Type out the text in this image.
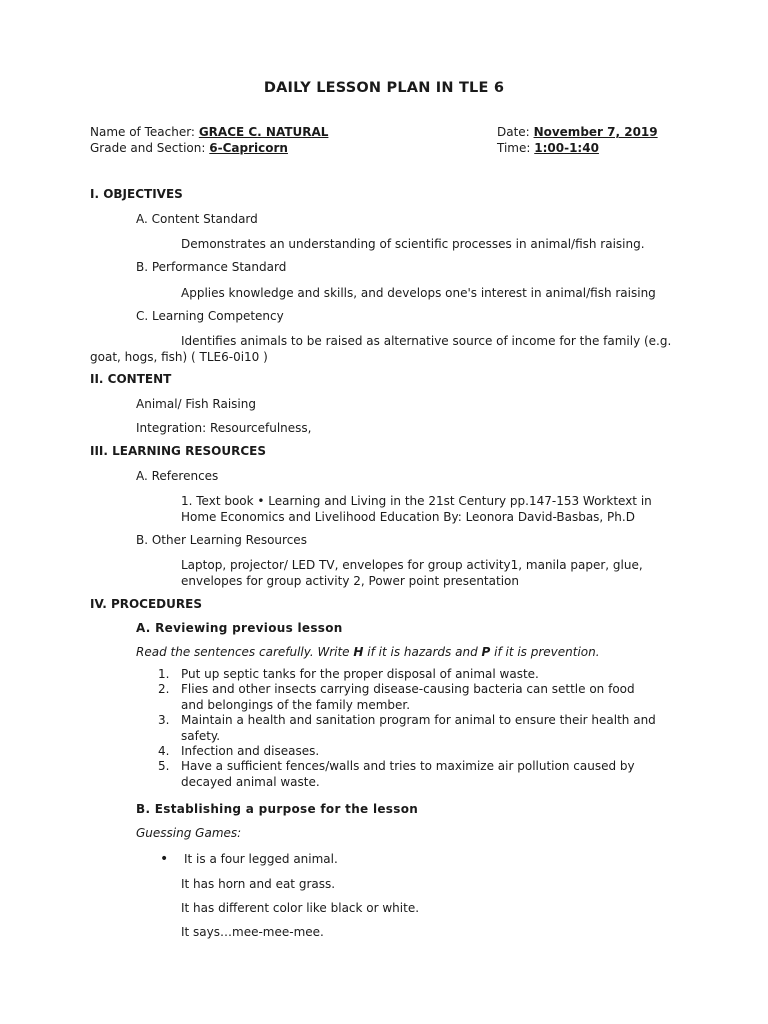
DAILY LESSON PLAN IN TLE 6
Name of Teacher: GRACE C. NATURAL	Date: November 7, 2019
Grade and Section: 6-Capricorn	Time: 1:00-1:40
I. OBJECTIVES
A. Content Standard
Demonstrates an understanding of scientific processes in animal/fish raising.
B. Performance Standard
Applies knowledge and skills, and develops one's interest in animal/fish raising
C. Learning Competency
Identifies animals to be raised as alternative source of income for the family (e.g.
goat, hogs, fish) ( TLE6-0i10 )
II. CONTENT
Animal/ Fish Raising
Integration: Resourcefulness,
III. LEARNING RESOURCES
A. References
1. Text book • Learning and Living in the 21st Century pp.147-153 Worktext in
Home Economics and Livelihood Education By: Leonora David-Basbas, Ph.D
B. Other Learning Resources
Laptop, projector/ LED TV, envelopes for group activity1, manila paper, glue,
envelopes for group activity 2, Power point presentation
IV. PROCEDURES
A. Reviewing previous lesson
Read the sentences carefully. Write H if it is hazards and P if it is prevention.
1. Put up septic tanks for the proper disposal of animal waste.
2. Flies and other insects carrying disease-causing bacteria can settle on food and belongings of the family member.
3. Maintain a health and sanitation program for animal to ensure their health and safety.
4. Infection and diseases.
5. Have a sufficient fences/walls and tries to maximize air pollution caused by decayed animal waste.
B. Establishing a purpose for the lesson
Guessing Games:
• It is a four legged animal.
It has horn and eat grass.
It has different color like black or white.
It says…mee-mee-mee.
